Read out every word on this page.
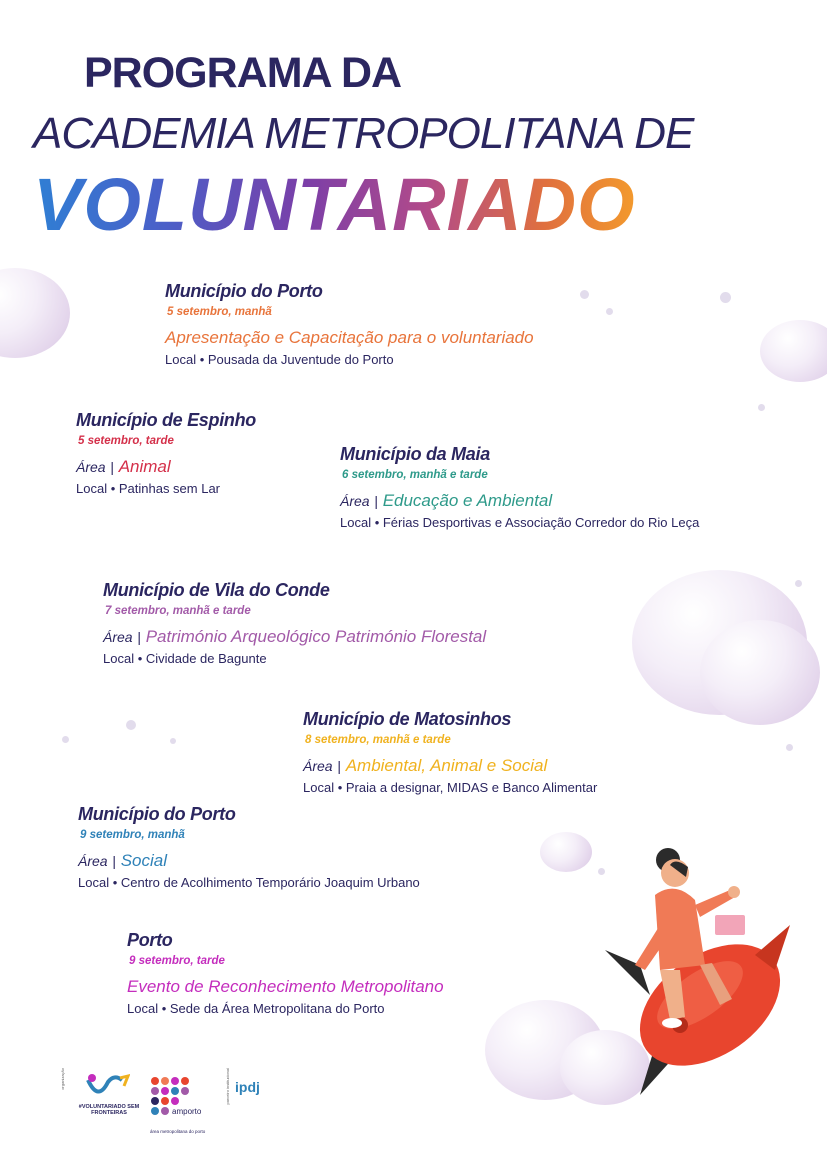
PROGRAMA DA
ACADEMIA METROPOLITANA DE
VOLUNTARIADO
Município do Porto
5 setembro, manhã
Apresentação e Capacitação para o voluntariado
Local • Pousada da Juventude do Porto
Município de Espinho
5 setembro, tarde
Área | Animal
Local • Patinhas sem Lar
Município da Maia
6 setembro, manhã e tarde
Área | Educação e Ambiental
Local • Férias Desportivas e Associação Corredor do Rio Leça
Município de Vila do Conde
7 setembro, manhã e tarde
Área | Património Arqueológico Património Florestal
Local • Cividade de Bagunte
Município de Matosinhos
8 setembro, manhã e tarde
Área | Ambiental, Animal e Social
Local • Praia a designar, MIDAS e Banco Alimentar
Município do Porto
9 setembro, manhã
Área | Social
Local • Centro de Acolhimento Temporário Joaquim Urbano
Porto
9 setembro, tarde
Evento de Reconhecimento Metropolitano
Local • Sede da Área Metropolitana do Porto
organização
#VOLUNTARIADO SEM FRONTEIRAS	amporto
área metropolitana do porto
parceiro institucional ipdj
